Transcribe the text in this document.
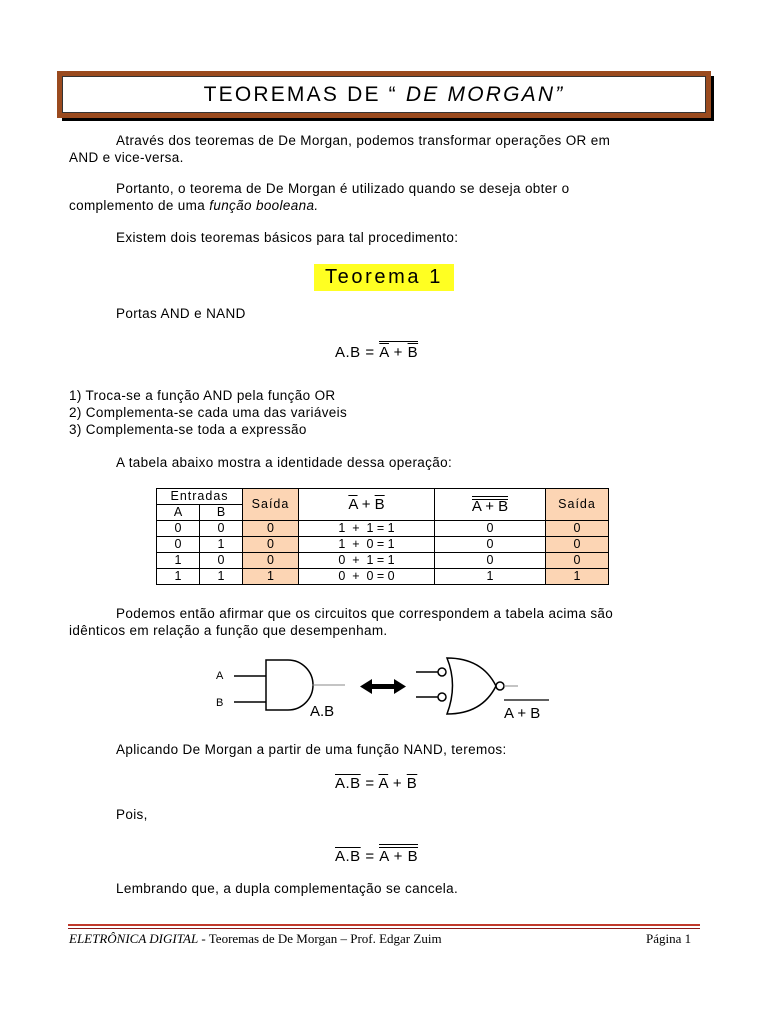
TEOREMAS DE “ DE MORGAN”
Através dos teoremas de De Morgan, podemos transformar operações OR em
AND e vice-versa.
Portanto, o teorema de De Morgan é utilizado quando se deseja obter o
complemento de uma função booleana.
Existem dois teoremas básicos para tal procedimento:
Teorema 1
Portas AND e NAND
$A.B = \overline{A} + \overline{B}$
1) Troca-se a função AND pela função OR
2) Complementa-se cada uma das variáveis
3) Complementa-se toda a expressão
A tabela abaixo mostra a identidade dessa operação:
Entradas		Saída	$\overline{A} + \overline{B}$	A + B	Saída
A	B				
0	0	0	1  +  1 = 1	0	0
0	1	0	1  +  0 = 1	0	0
1	0	0	0  +  1 = 1	0	0
1	1	1	0  +  0 = 0	1	1
Podemos então afirmar que os circuitos que correspondem a tabela acima são
idênticos em relação a função que desempenham.
A
B	A.B	A + B
Aplicando De Morgan a partir de uma função NAND, teremos:
$A.B = \overline{A} + \overline{B}$
Pois,
A.B =
A + B
Lembrando que, a dupla complementação se cancela.
ELETRÔNICA DIGITAL - Teoremas de De Morgan – Prof. Edgar Zuim	Página 1
